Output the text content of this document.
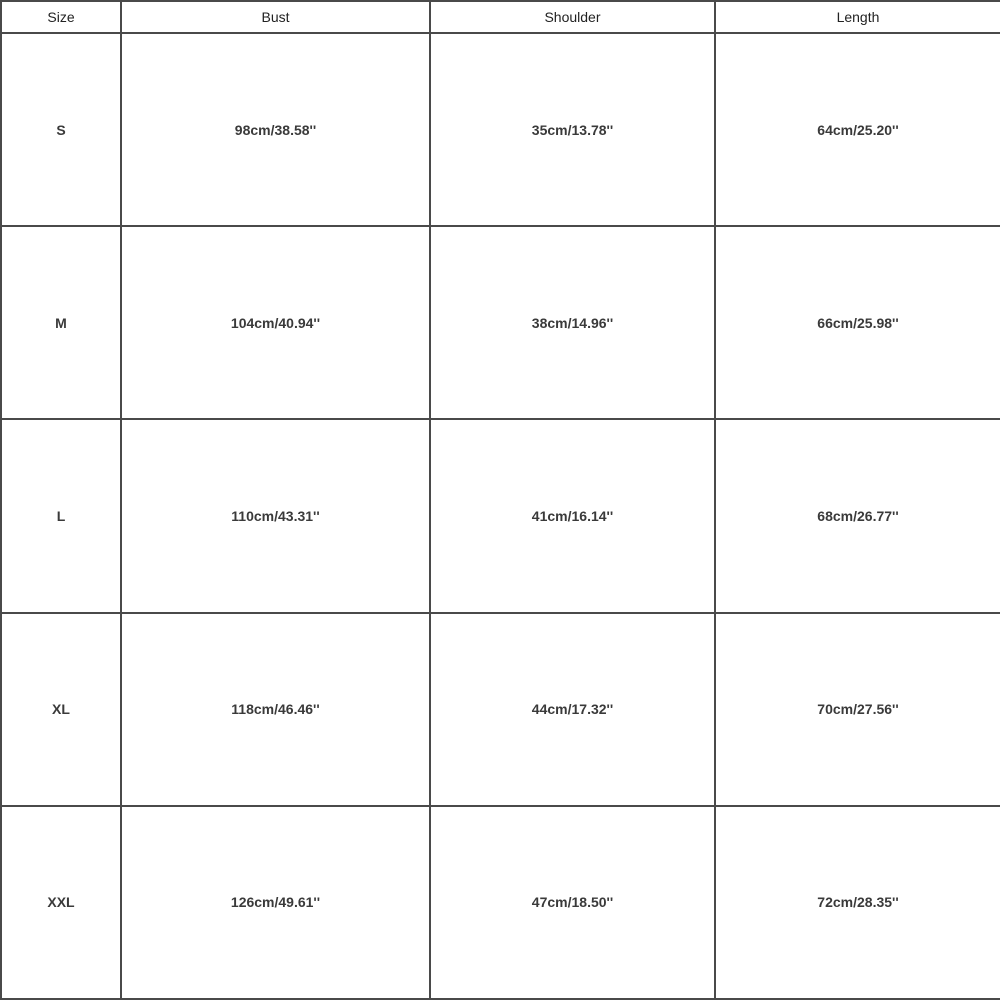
Size	Bust	Shoulder	Length
S	98cm/38.58''	35cm/13.78''	64cm/25.20''
M	104cm/40.94''	38cm/14.96''	66cm/25.98''
L	110cm/43.31''	41cm/16.14''	68cm/26.77''
XL	118cm/46.46''	44cm/17.32''	70cm/27.56''
XXL	126cm/49.61''	47cm/18.50''	72cm/28.35''
